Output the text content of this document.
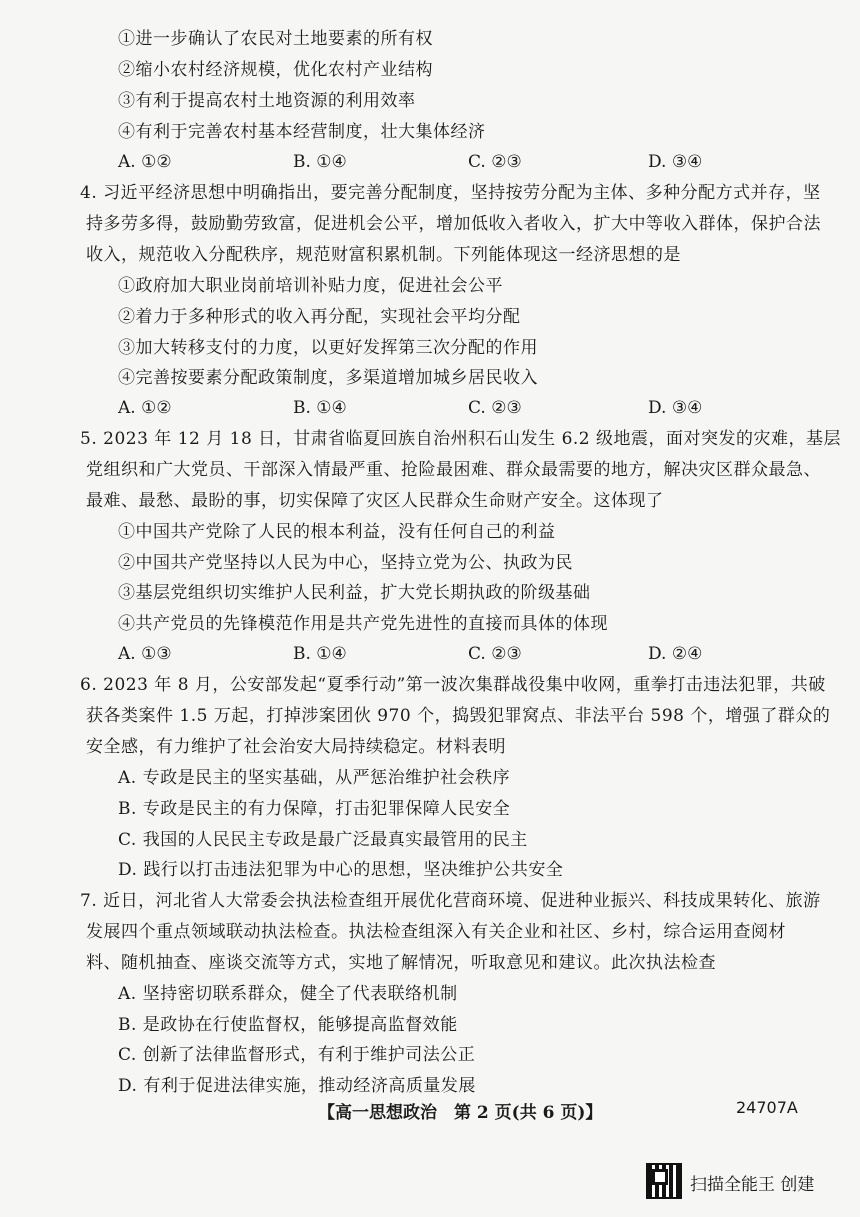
①进一步确认了农民对土地要素的所有权
②缩小农村经济规模，优化农村产业结构
③有利于提高农村土地资源的利用效率
④有利于完善农村基本经营制度，壮大集体经济
A. ①②	B. ①④	C. ②③	D. ③④
4. 习近平经济思想中明确指出，要完善分配制度，坚持按劳分配为主体、多种分配方式并存，坚
持多劳多得，鼓励勤劳致富，促进机会公平，增加低收入者收入，扩大中等收入群体，保护合法
收入，规范收入分配秩序，规范财富积累机制。下列能体现这一经济思想的是
①政府加大职业岗前培训补贴力度，促进社会公平
②着力于多种形式的收入再分配，实现社会平均分配
③加大转移支付的力度，以更好发挥第三次分配的作用
④完善按要素分配政策制度，多渠道增加城乡居民收入
A. ①②	B. ①④	C. ②③	D. ③④
5. 2023 年 12 月 18 日，甘肃省临夏回族自治州积石山发生 6.2 级地震，面对突发的灾难，基层
党组织和广大党员、干部深入情最严重、抢险最困难、群众最需要的地方，解决灾区群众最急、
最难、最愁、最盼的事，切实保障了灾区人民群众生命财产安全。这体现了
①中国共产党除了人民的根本利益，没有任何自己的利益
②中国共产党坚持以人民为中心，坚持立党为公、执政为民
③基层党组织切实维护人民利益，扩大党长期执政的阶级基础
④共产党员的先锋模范作用是共产党先进性的直接而具体的体现
A. ①③	B. ①④	C. ②③	D. ②④
6. 2023 年 8 月，公安部发起“夏季行动”第一波次集群战役集中收网，重拳打击违法犯罪，共破
获各类案件 1.5 万起，打掉涉案团伙 970 个，捣毁犯罪窝点、非法平台 598 个，增强了群众的
安全感，有力维护了社会治安大局持续稳定。材料表明
A. 专政是民主的坚实基础，从严惩治维护社会秩序
B. 专政是民主的有力保障，打击犯罪保障人民安全
C. 我国的人民民主专政是最广泛最真实最管用的民主
D. 践行以打击违法犯罪为中心的思想，坚决维护公共安全
7. 近日，河北省人大常委会执法检查组开展优化营商环境、促进种业振兴、科技成果转化、旅游
发展四个重点领域联动执法检查。执法检查组深入有关企业和社区、乡村，综合运用查阅材
料、随机抽查、座谈交流等方式，实地了解情况，听取意见和建议。此次执法检查
A. 坚持密切联系群众，健全了代表联络机制
B. 是政协在行使监督权，能够提高监督效能
C. 创新了法律监督形式，有利于维护司法公正
D. 有利于促进法律实施，推动经济高质量发展
【高一思想政治　第 2 页(共 6 页)】	24707A
扫描全能王 创建
